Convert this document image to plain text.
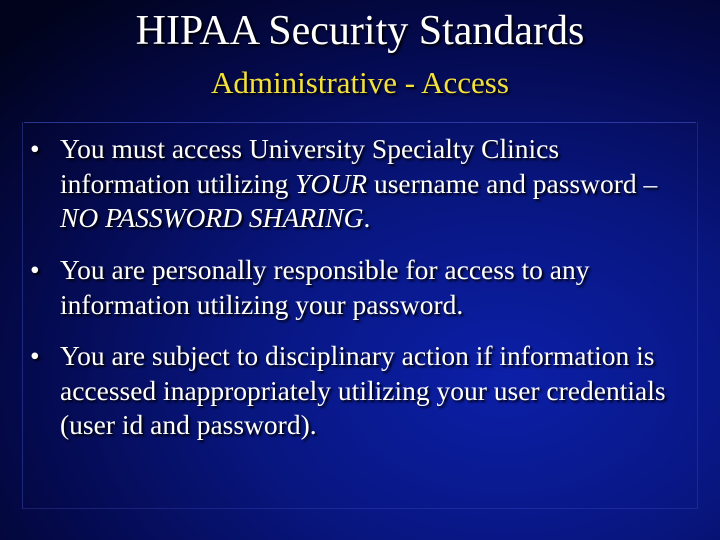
HIPAA Security Standards
Administrative - Access
• You must access University Specialty Clinics information utilizing YOUR username and password – NO PASSWORD SHARING.
• You are personally responsible for access to any information utilizing your password.
• You are subject to disciplinary action if information is accessed inappropriately utilizing your user credentials (user id and password).
